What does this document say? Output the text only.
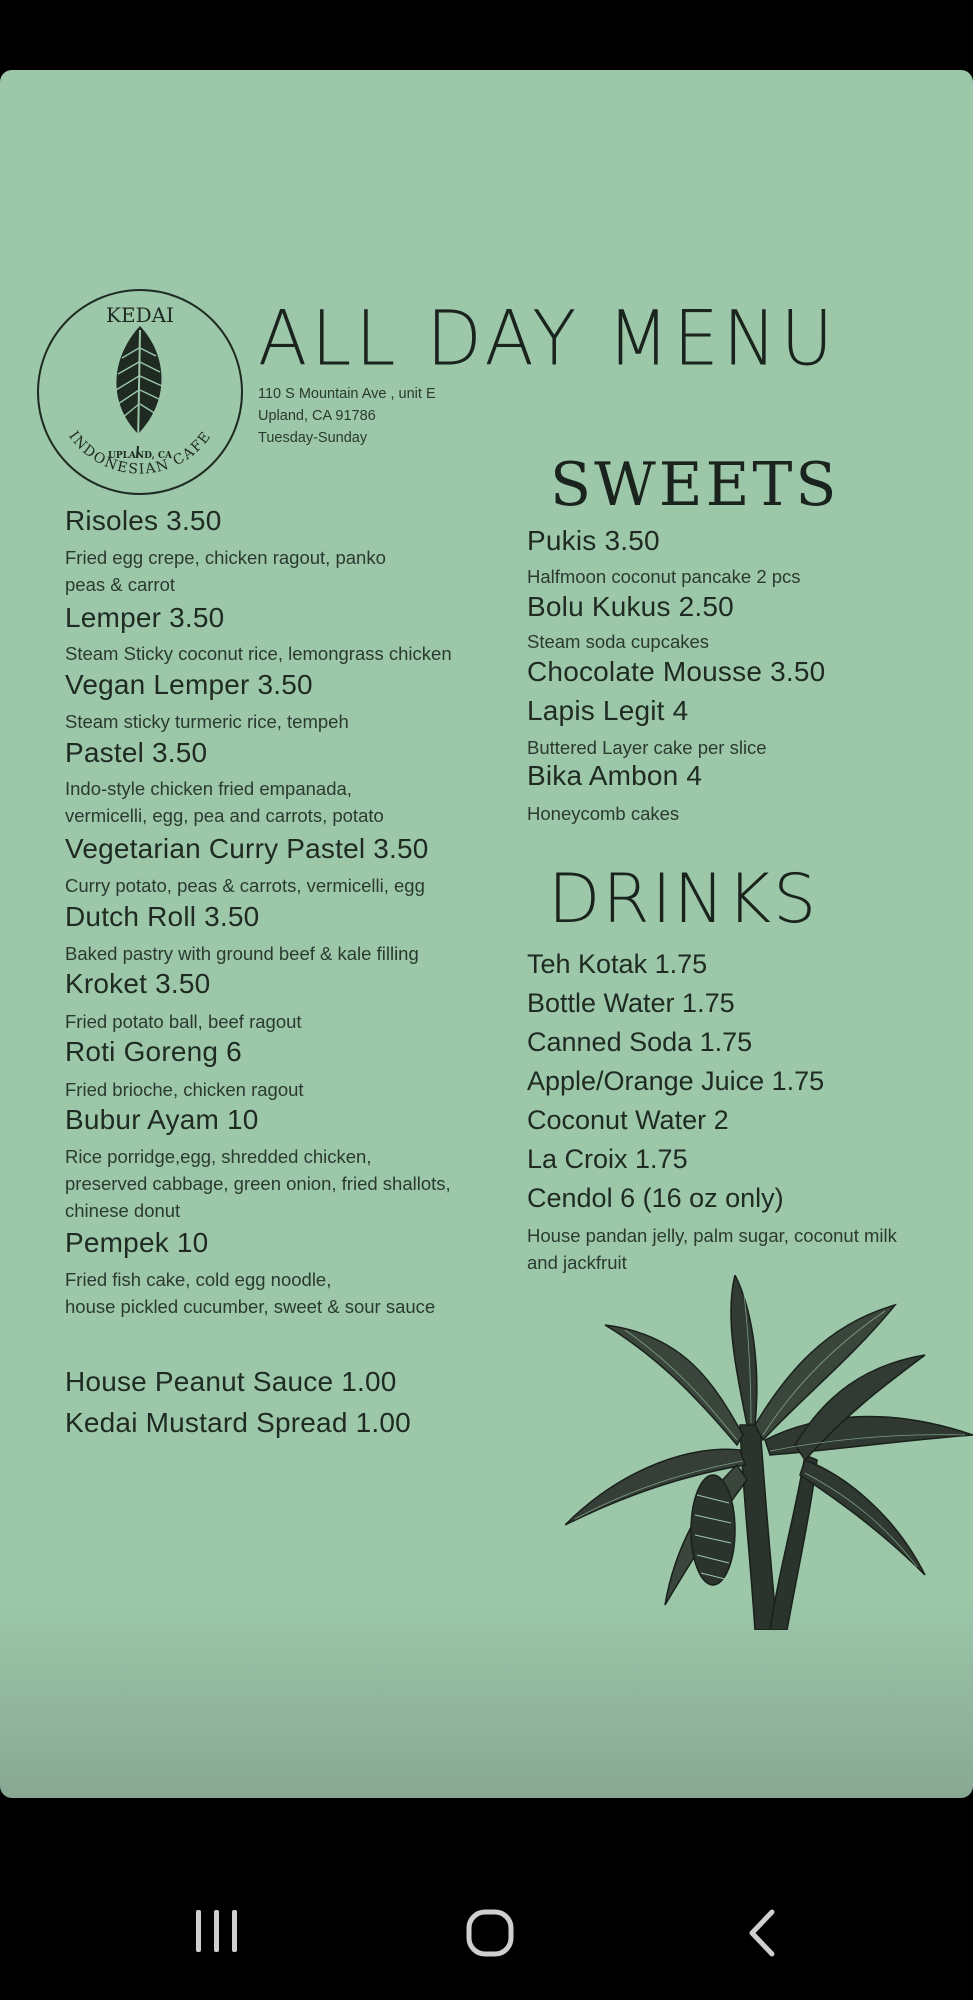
KEDAI
UPLAND, CA
INDONESIAN CAFE
ALL DAY MENU
110 S Mountain Ave , unit E
Upland, CA 91786
Tuesday-Sunday
Risoles 3.50
Fried egg crepe, chicken ragout, panko
peas & carrot
Lemper 3.50
Steam Sticky coconut rice, lemongrass chicken
Vegan Lemper 3.50
Steam sticky turmeric rice, tempeh
Pastel 3.50
Indo-style chicken fried empanada,
vermicelli, egg, pea and carrots, potato
Vegetarian Curry Pastel 3.50
Curry potato, peas & carrots, vermicelli, egg
Dutch Roll 3.50
Baked pastry with ground beef & kale filling
Kroket 3.50
Fried potato ball, beef ragout
Roti Goreng 6
Fried brioche, chicken ragout
Bubur Ayam 10
Rice porridge,egg, shredded chicken,
preserved cabbage, green onion, fried shallots,
chinese donut
Pempek 10
Fried fish cake, cold egg noodle,
house pickled cucumber, sweet & sour sauce
House Peanut Sauce 1.00
Kedai Mustard Spread 1.00
SWEETS
Pukis 3.50
Halfmoon coconut pancake 2 pcs
Bolu Kukus 2.50
Steam soda cupcakes
Chocolate Mousse 3.50
Lapis Legit 4
Buttered Layer cake per slice
Bika Ambon 4
Honeycomb cakes
DRINKS
Teh Kotak 1.75
Bottle Water 1.75
Canned Soda 1.75
Apple/Orange Juice 1.75
Coconut Water 2
La Croix 1.75
Cendol 6 (16 oz only)
House pandan jelly, palm sugar, coconut milk
and jackfruit
